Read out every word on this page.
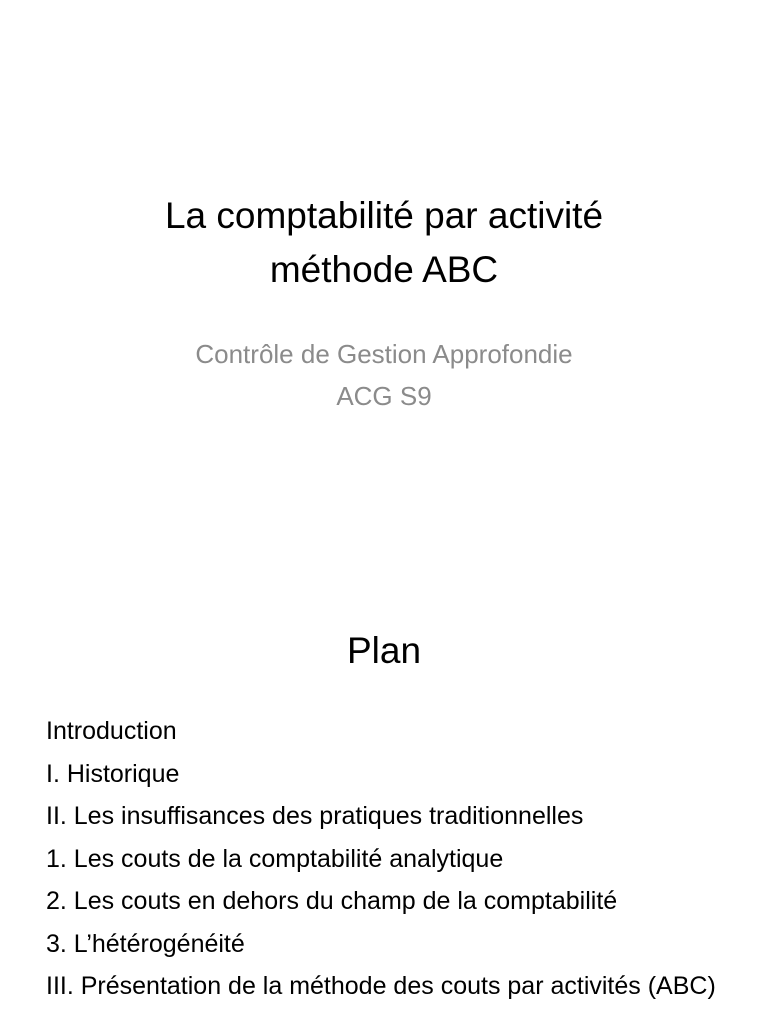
La comptabilité par activité
méthode ABC
Contrôle de Gestion Approfondie
ACG S9
Plan
Introduction
I. Historique
II. Les insuffisances des pratiques traditionnelles
1. Les couts de la comptabilité analytique
2. Les couts en dehors du champ de la comptabilité
3. L’hétérogénéité
III. Présentation de la méthode des couts par activités (ABC)
